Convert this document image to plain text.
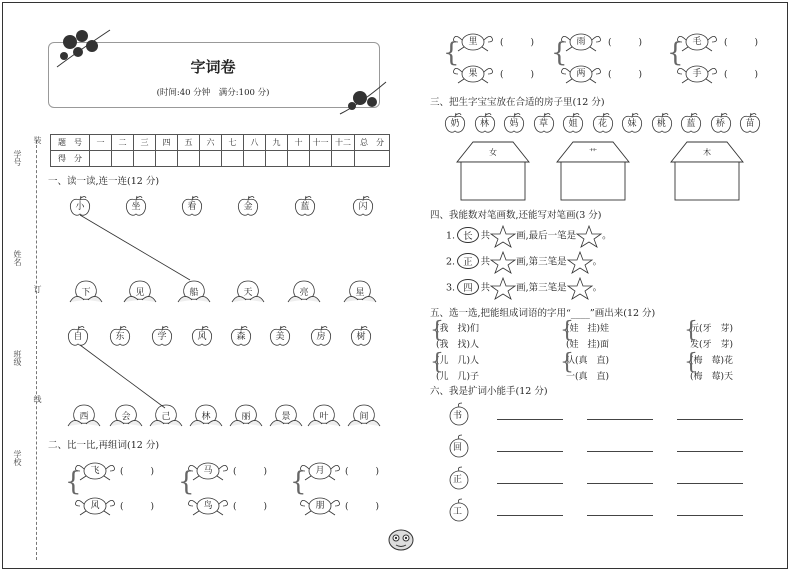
学号
姓名
班级
学校
装
订
线
字词卷
(时间:40 分钟　满分:100 分)
题　号	一	二	三	四	五	六	七	八	九	十	十一	十二	总　分
得　分													
一、读一读,连一连(12 分)
小	坐	看	金	蓝	闪
下	见	船	天	亮	星
自	东	学	风	森	美	房	树
西	会	己	林	丽	景	叶	间
二、比一比,再组词(12 分)
飞	(　　　)
风	(　　　)
{	马	(　　　)
鸟	(　　　)
{	月	(　　　)
朋	(　　　)
{
里	(　　　)
果	(　　　)
{	雨	(　　　)
两	(　　　)
{	毛	(　　　)
手	(　　　)
{
三、把生字宝宝放在合适的房子里(12 分)
奶	林	妈	草	姐	花	妹	桃	蓝	桥	苗
女	艹	木
四、我能数对笔画数,还能写对笔画(3 分)
1. 长 共	画,最后一笔是	。
2. 正 共	画,第三笔是	。
3. 四 共	画,第三笔是	。
五、选一选,把能组成词语的字用“____”画出来(12 分)
(我　找)们
(我　找)人
(儿　几)人
(儿　几)子
{
{
(娃　挂)娃
(娃　挂)面
认(真　直)
一(真　直)
{
{
沅(牙　芽)
发(牙　芽)
(梅　莓)花
(梅　莓)天
{
{
六、我是扩词小能手(12 分)
书
回
正
工
